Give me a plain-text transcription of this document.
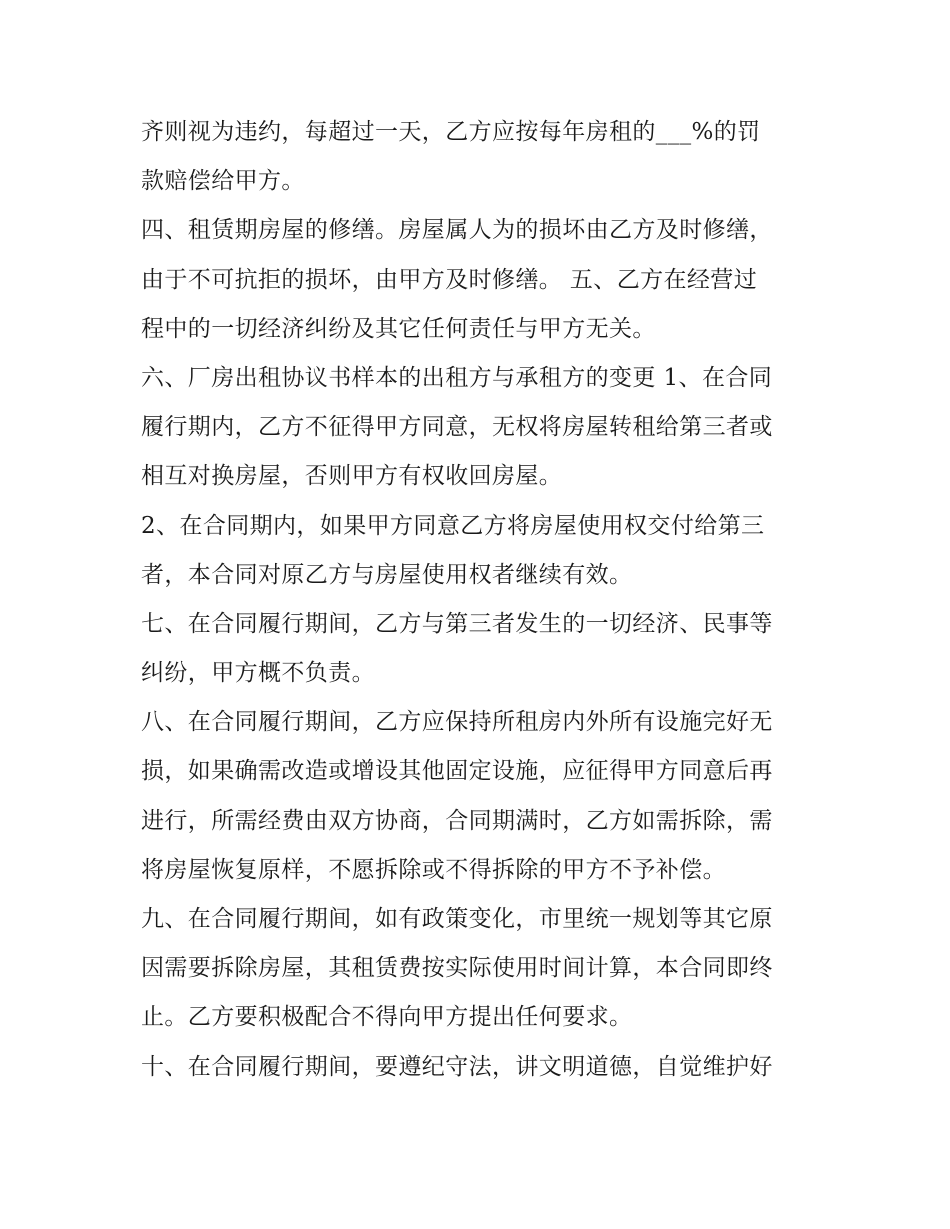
齐则视为违约，每超过一天，乙方应按每年房租的___%的罚
款赔偿给甲方。
四、租赁期房屋的修缮。房屋属人为的损坏由乙方及时修缮，
由于不可抗拒的损坏，由甲方及时修缮。 五、乙方在经营过
程中的一切经济纠纷及其它任何责任与甲方无关。
六、厂房出租协议书样本的出租方与承租方的变更 1、在合同
履行期内，乙方不征得甲方同意，无权将房屋转租给第三者或
相互对换房屋，否则甲方有权收回房屋。
2、在合同期内，如果甲方同意乙方将房屋使用权交付给第三
者，本合同对原乙方与房屋使用权者继续有效。
七、在合同履行期间，乙方与第三者发生的一切经济、民事等
纠纷，甲方概不负责。
八、在合同履行期间，乙方应保持所租房内外所有设施完好无
损，如果确需改造或增设其他固定设施，应征得甲方同意后再
进行，所需经费由双方协商，合同期满时，乙方如需拆除，需
将房屋恢复原样，不愿拆除或不得拆除的甲方不予补偿。
九、在合同履行期间，如有政策变化，市里统一规划等其它原
因需要拆除房屋，其租赁费按实际使用时间计算，本合同即终
止。乙方要积极配合不得向甲方提出任何要求。
十、在合同履行期间，要遵纪守法，讲文明道德，自觉维护好
